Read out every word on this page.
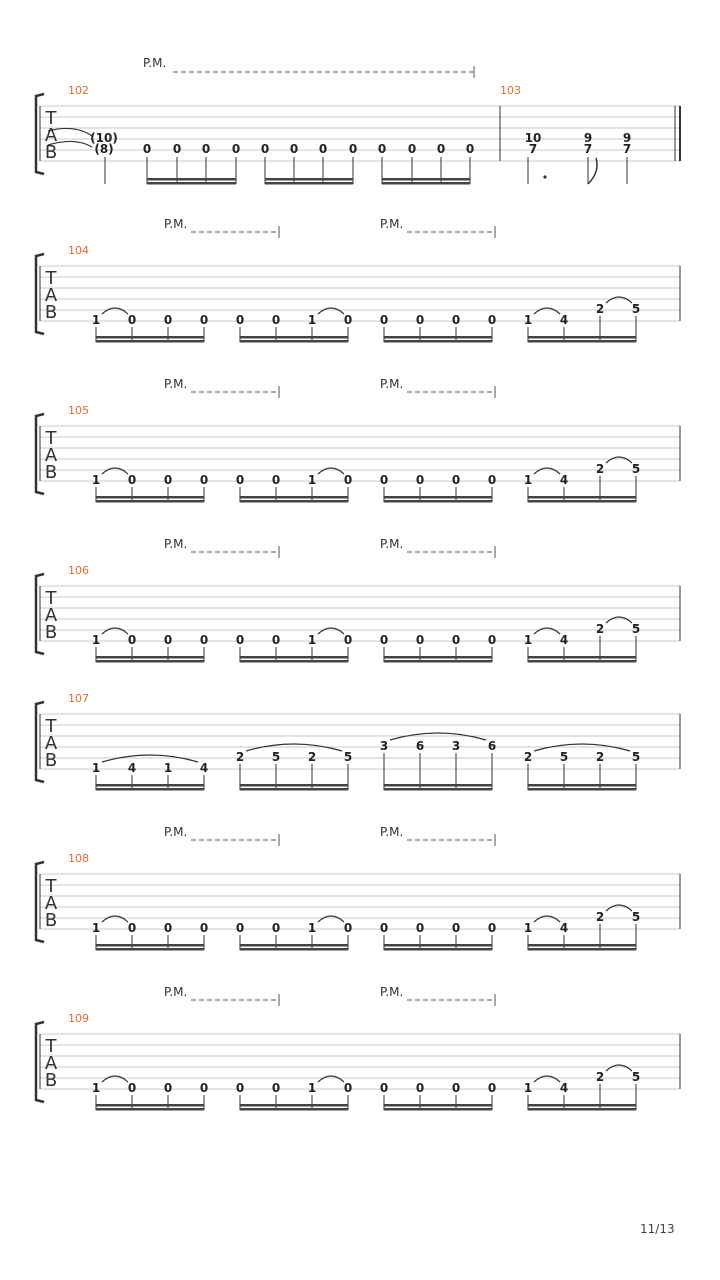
P.M.
102	103
T
A
B
(10)
(8) 0 0 0 0 0 0 0 0 0 0 0 0
10
7
9
7
9
7
P.M.	P.M.
104
T
A
B	1 0 0 0 0 0 1 0 0 0 0 0 1 4
2 5
P.M.	P.M.
105
T
A
B	1 0 0 0 0 0 1 0 0 0 0 0 1 4
2 5
P.M.	P.M.
106
T
A
B	1 0 0 0 0 0 1 0 0 0 0 0 1 4
2 5
107
T
A
B	1 4 1 4
2 5 2 5
3 6 3 6
2 5 2 5
P.M.	P.M.
108
T
A
B	1 0 0 0 0 0 1 0 0 0 0 0 1 4
2 5
P.M.	P.M.
109
T
A
B	1 0 0 0 0 0 1 0 0 0 0 0 1 4
2 5
11/13
